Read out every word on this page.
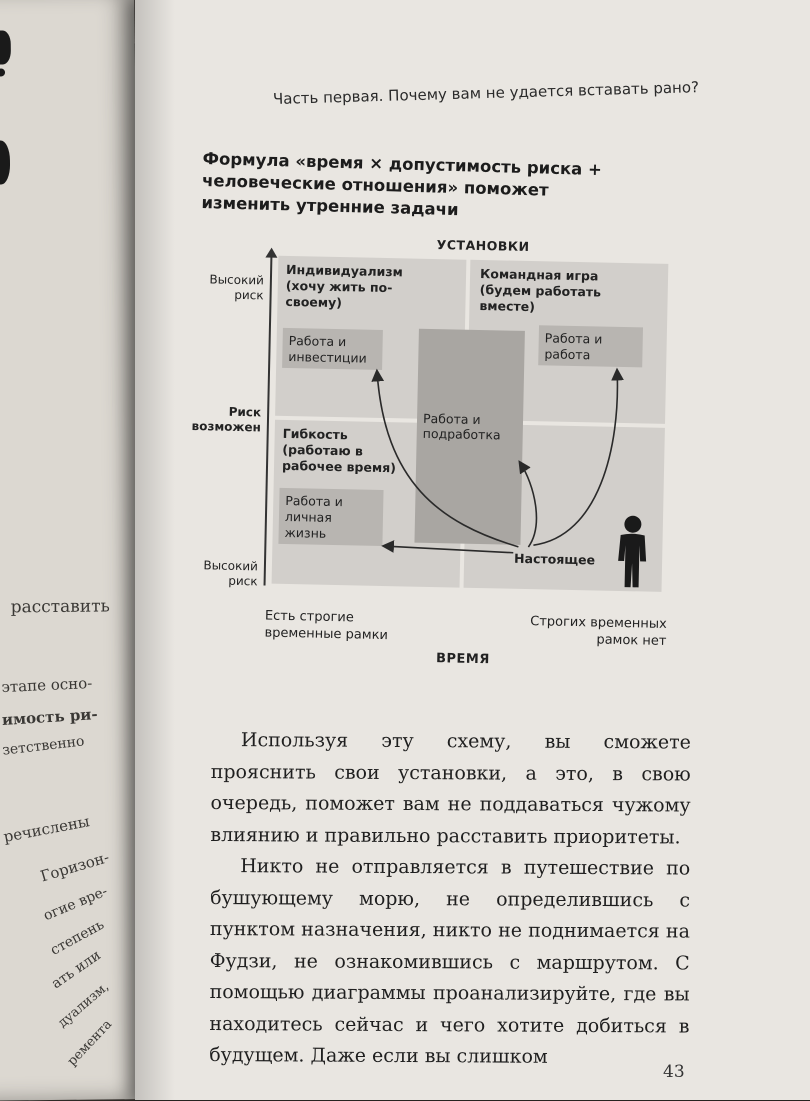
расставить
этапе осно-
имость ри-
зетственно
речислены
Горизон-
огие вре-
степень
ать или
дуализм,
ремента
Часть первая. Почему вам не удается вставать рано?
Формула «время × допустимость риска + человеческие отношения» поможет изменить утренние задачи
УСТАНОВКИ
Высокий риск
Риск возможен
Высокий риск
Индивидуализм (хочу жить по-своему)
Командная игра (будем работать вместе)
Гибкость (работаю в рабочее время)
Работа и инвестиции
Работа и работа
Работа и подработка
Работа и личная жизнь
Настоящее
Есть строгие временные рамки
Строгих временных рамок нет
ВРЕМЯ

Используя эту схему, вы сможете прояснить свои установки, а это, в свою очередь, поможет вам не поддаваться чужому влиянию и правильно расставить приоритеты.

Никто не отправляется в путешествие по бушующему морю, не определившись с пунктом назначения, никто не поднимается на Фудзи, не ознакомившись с маршрутом. С помощью диаграммы проанализируйте, где вы находитесь сейчас и чего хотите добиться в будущем. Даже если вы слишком

43
